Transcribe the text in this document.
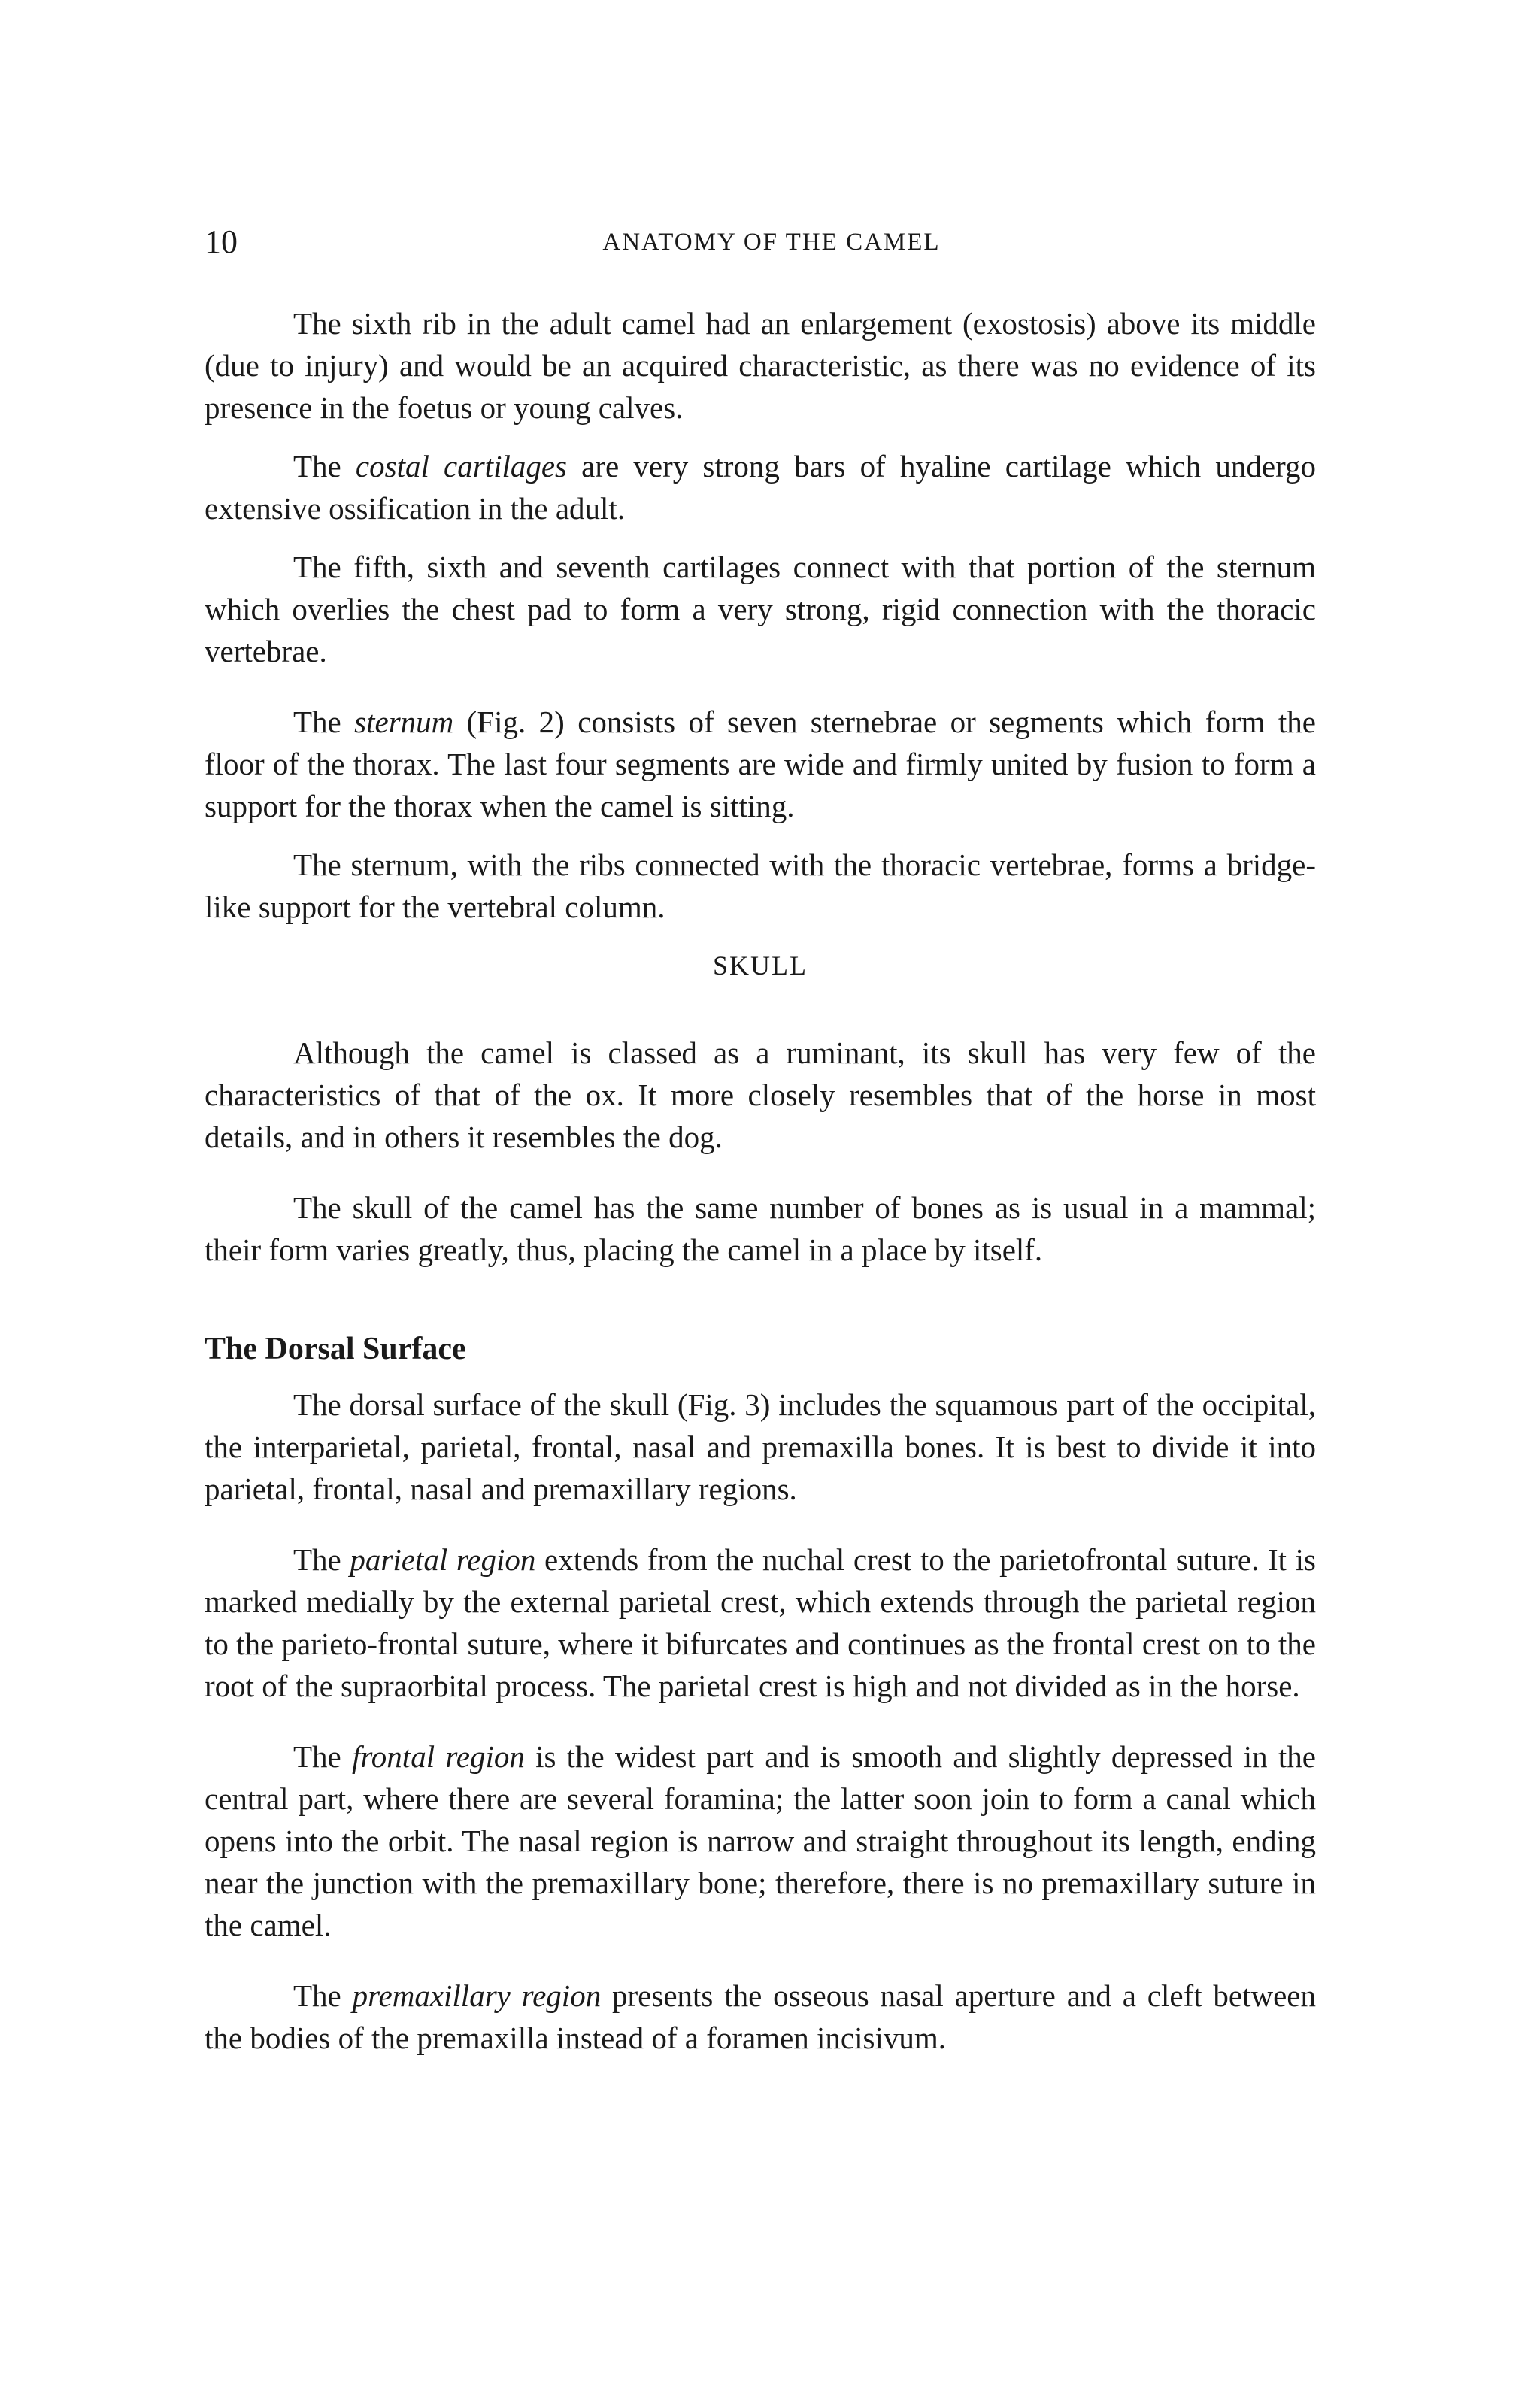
10	ANATOMY OF THE CAMEL

The sixth rib in the adult camel had an enlargement (exostosis) above its middle (due to injury) and would be an acquired characteristic, as there was no evidence of its presence in the foetus or young calves.

The costal cartilages are very strong bars of hyaline cartilage which undergo extensive ossification in the adult.

The fifth, sixth and seventh cartilages connect with that portion of the sternum which overlies the chest pad to form a very strong, rigid connection with the thoracic vertebrae.

The sternum (Fig. 2) consists of seven sternebrae or segments which form the floor of the thorax. The last four segments are wide and firmly united by fusion to form a support for the thorax when the camel is sitting.

The sternum, with the ribs connected with the thoracic vertebrae, forms a bridge-like support for the vertebral column.

SKULL

Although the camel is classed as a ruminant, its skull has very few of the characteristics of that of the ox. It more closely resembles that of the horse in most details, and in others it resembles the dog.

The skull of the camel has the same number of bones as is usual in a mammal; their form varies greatly, thus, placing the camel in a place by itself.

The Dorsal Surface

The dorsal surface of the skull (Fig. 3) includes the squamous part of the occipital, the interparietal, parietal, frontal, nasal and premaxilla bones. It is best to divide it into parietal, frontal, nasal and premaxillary regions.

The parietal region extends from the nuchal crest to the parietofrontal suture. It is marked medially by the external parietal crest, which extends through the parietal region to the parieto-frontal suture, where it bifurcates and continues as the frontal crest on to the root of the supraorbital process. The parietal crest is high and not divided as in the horse.

The frontal region is the widest part and is smooth and slightly depressed in the central part, where there are several foramina; the latter soon join to form a canal which opens into the orbit. The nasal region is narrow and straight throughout its length, ending near the junction with the premaxillary bone; therefore, there is no premaxillary suture in the camel.

The premaxillary region presents the osseous nasal aperture and a cleft between the bodies of the premaxilla instead of a foramen incisivum.
